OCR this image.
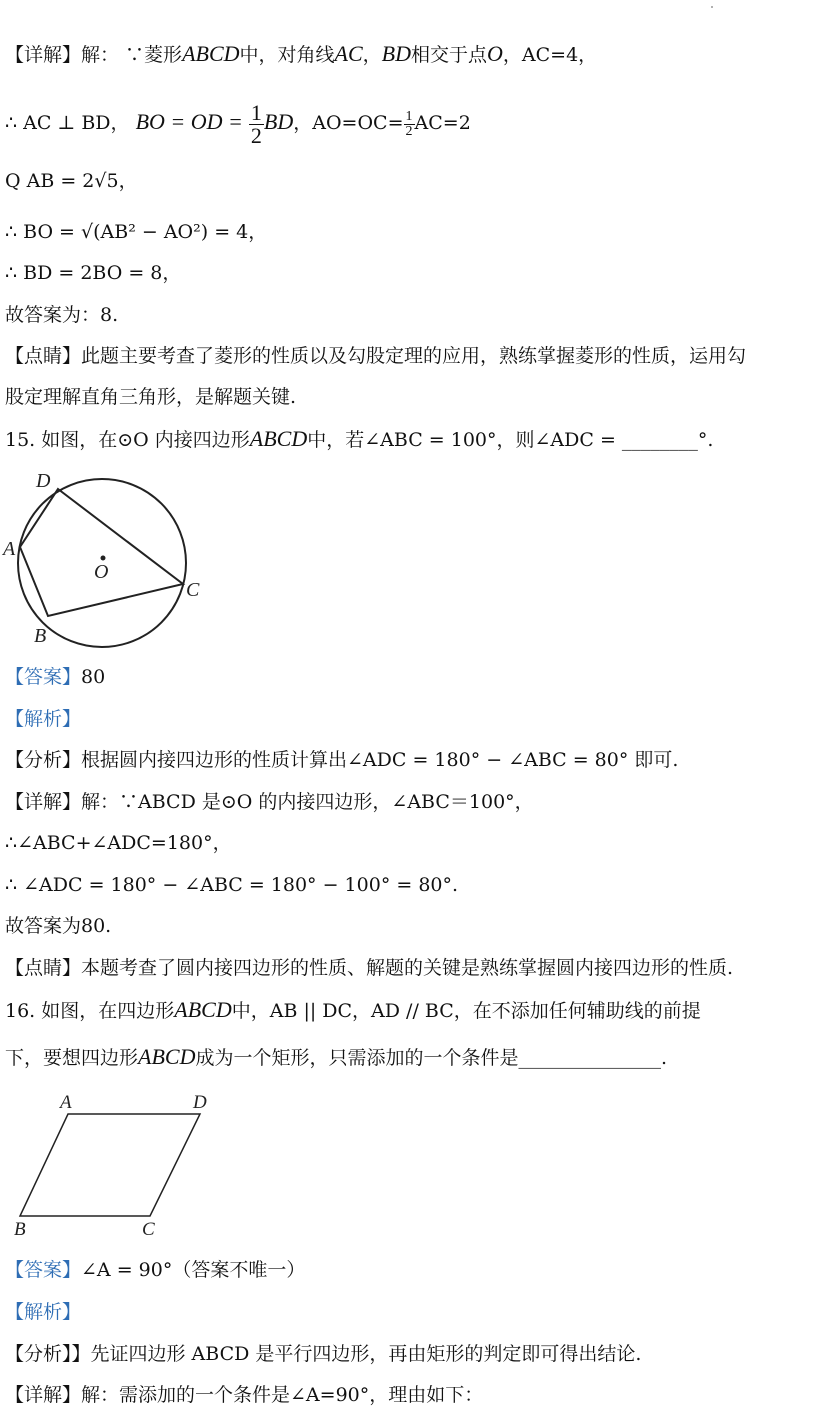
【详解】解： ∵菱形ABCD中，对角线AC，BD相交于点O，AC=4，
∴ AC ⊥ BD， BO = OD = $\frac{1}{2}$ BD，$AO=OC= \frac{1}{2} AC=2$
Q AB = 2√5，
∴ BO = √(AB² − AO²) = 4，
∴ BD = 2BO = 8，
故答案为：8.
【点睛】此题主要考查了菱形的性质以及勾股定理的应用，熟练掌握菱形的性质，运用勾
股定理解直角三角形，是解题关键.
15. 如图，在⊙O 内接四边形ABCD中，若∠ABC = 100°，则∠ADC = ________°.
D
A
O
C
B
【答案】80
【解析】
【分析】根据圆内接四边形的性质计算出∠ADC = 180° − ∠ABC = 80° 即可.
【详解】解：∵ABCD 是⊙O 的内接四边形，∠ABC＝100°，
∴∠ABC+∠ADC=180°，
∴ ∠ADC = 180° − ∠ABC = 180° − 100° = 80°.
故答案为80.
【点睛】本题考查了圆内接四边形的性质、解题的关键是熟练掌握圆内接四边形的性质.
16. 如图，在四边形ABCD中，AB || DC，AD // BC，在不添加任何辅助线的前提
下，要想四边形ABCD成为一个矩形，只需添加的一个条件是_______________.
A	D
B	C
【答案】∠A = 90°（答案不唯一）
【解析】
【分析】】先证四边形 ABCD 是平行四边形，再由矩形的判定即可得出结论.
【详解】解：需添加的一个条件是∠A=90°，理由如下：
